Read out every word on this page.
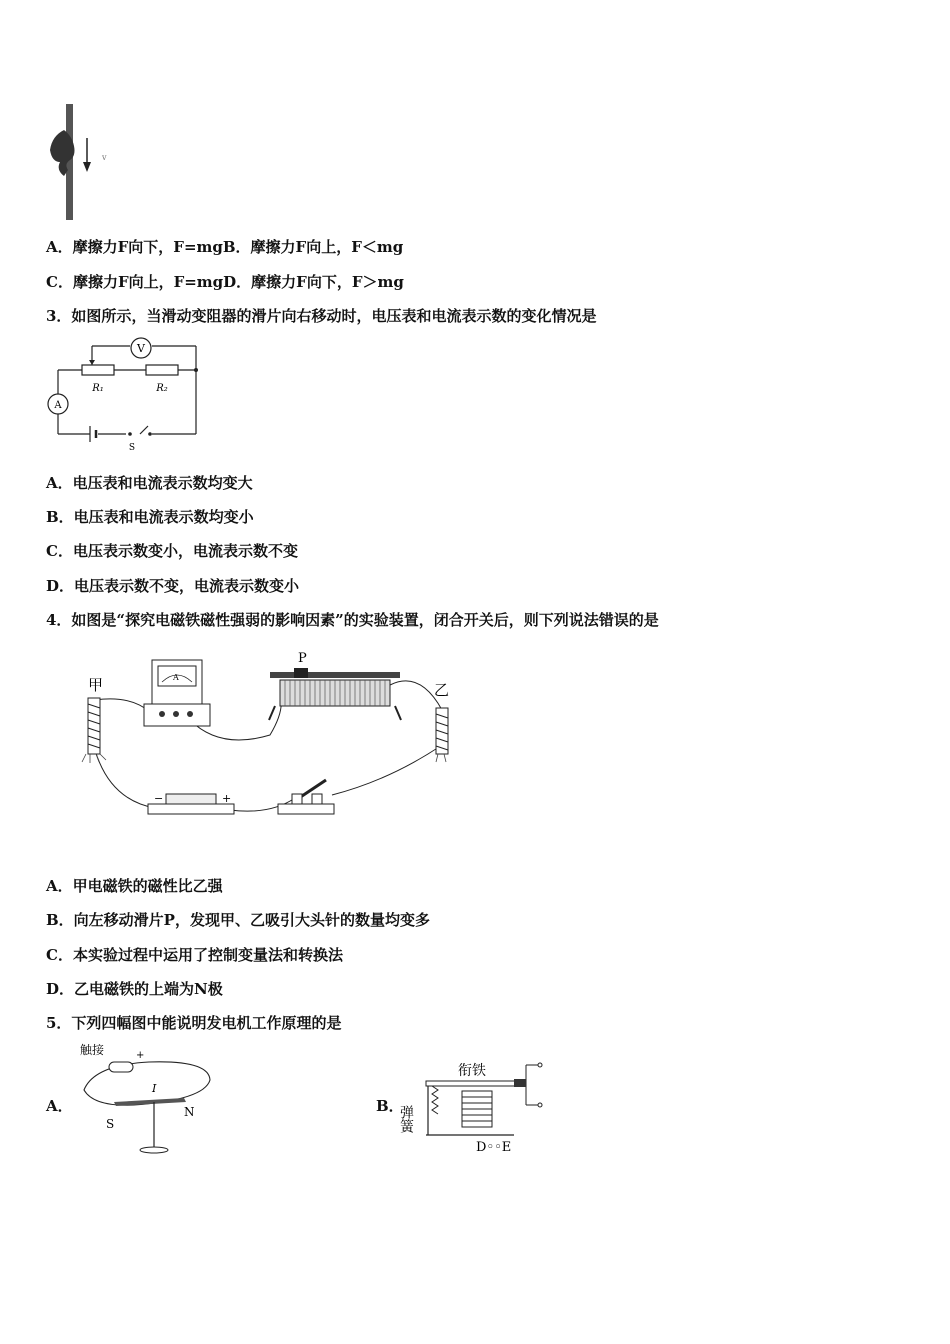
v
A．摩擦力F向下，F=mgB．摩擦力F向上，F＜mg
C．摩擦力F向上，F=mgD．摩擦力F向下，F＞mg
3．如图所示，当滑动变阻器的滑片向右移动时，电压表和电流表示数的变化情况是
V
A
R₁	R₂
S
A．电压表和电流表示数均变大
B．电压表和电流表示数均变小
C．电压表示数变小，电流表示数不变
D．电压表示数不变，电流表示数变小
4．如图是“探究电磁铁磁性强弱的影响因素”的实验装置，闭合开关后，则下列说法错误的是
甲	A
P
乙
−	+
A．甲电磁铁的磁性比乙强
B．向左移动滑片P，发现甲、乙吸引大头针的数量均变多
C．本实验过程中运用了控制变量法和转换法
D．乙电磁铁的上端为N极
5．下列四幅图中能说明发电机工作原理的是
A．
触接	+
I
S
N	B．
衔铁
弹簧
D◦◦E
